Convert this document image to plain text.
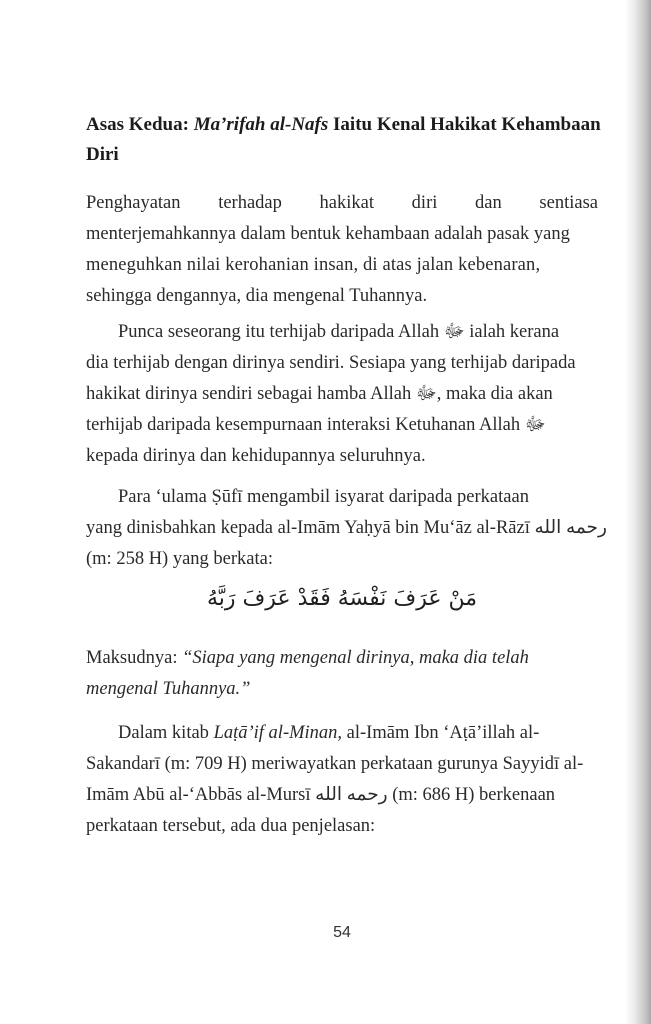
Asas Kedua: Ma’rifah al-Nafs Iaitu Kenal Hakikat Kehambaan
Diri

Penghayatan terhadap hakikat diri dan sentiasa
menterjemahkannya dalam bentuk kehambaan adalah pasak yang
meneguhkan nilai kerohanian insan, di atas jalan kebenaran,
sehingga dengannya, dia mengenal Tuhannya.

Punca seseorang itu terhijab daripada Allah ﷻ ialah kerana
dia terhijab dengan dirinya sendiri. Sesiapa yang terhijab daripada
hakikat dirinya sendiri sebagai hamba Allah ﷻ, maka dia akan
terhijab daripada kesempurnaan interaksi Ketuhanan Allah ﷻ
kepada dirinya dan kehidupannya seluruhnya.

Para ‘ulama Ṣūfī mengambil isyarat daripada perkataan
yang dinisbahkan kepada al-Imām Yaḥyā bin Mu‘āz al-Rāzī رحمه الله
(m: 258 H) yang berkata:

مَنْ عَرَفَ نَفْسَهُ فَقَدْ عَرَفَ رَبَّهُ

Maksudnya: “Siapa yang mengenal dirinya, maka dia telah
mengenal Tuhannya.”

Dalam kitab Laṭā’if al-Minan, al-Imām Ibn ‘Aṭā’illah al-
Sakandarī (m: 709 H) meriwayatkan perkataan gurunya Sayyidī al-
Imām Abū al-‘Abbās al-Mursī رحمه الله (m: 686 H) berkenaan
perkataan tersebut, ada dua penjelasan:

54
